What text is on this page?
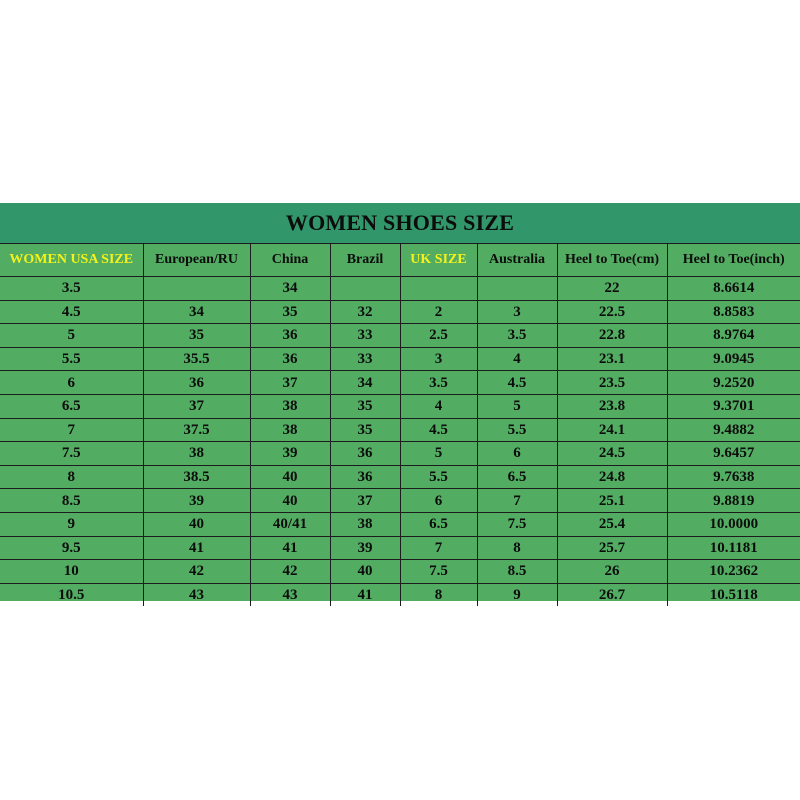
WOMEN SHOES SIZE
WOMEN USA SIZE	European/RU	China	Brazil	UK SIZE	Australia	Heel to Toe(cm)	Heel to Toe(inch)
3.5		34				22	8.6614
4.5	34	35	32	2	3	22.5	8.8583
5	35	36	33	2.5	3.5	22.8	8.9764
5.5	35.5	36	33	3	4	23.1	9.0945
6	36	37	34	3.5	4.5	23.5	9.2520
6.5	37	38	35	4	5	23.8	9.3701
7	37.5	38	35	4.5	5.5	24.1	9.4882
7.5	38	39	36	5	6	24.5	9.6457
8	38.5	40	36	5.5	6.5	24.8	9.7638
8.5	39	40	37	6	7	25.1	9.8819
9	40	40/41	38	6.5	7.5	25.4	10.0000
9.5	41	41	39	7	8	25.7	10.1181
10	42	42	40	7.5	8.5	26	10.2362
10.5	43	43	41	8	9	26.7	10.5118
